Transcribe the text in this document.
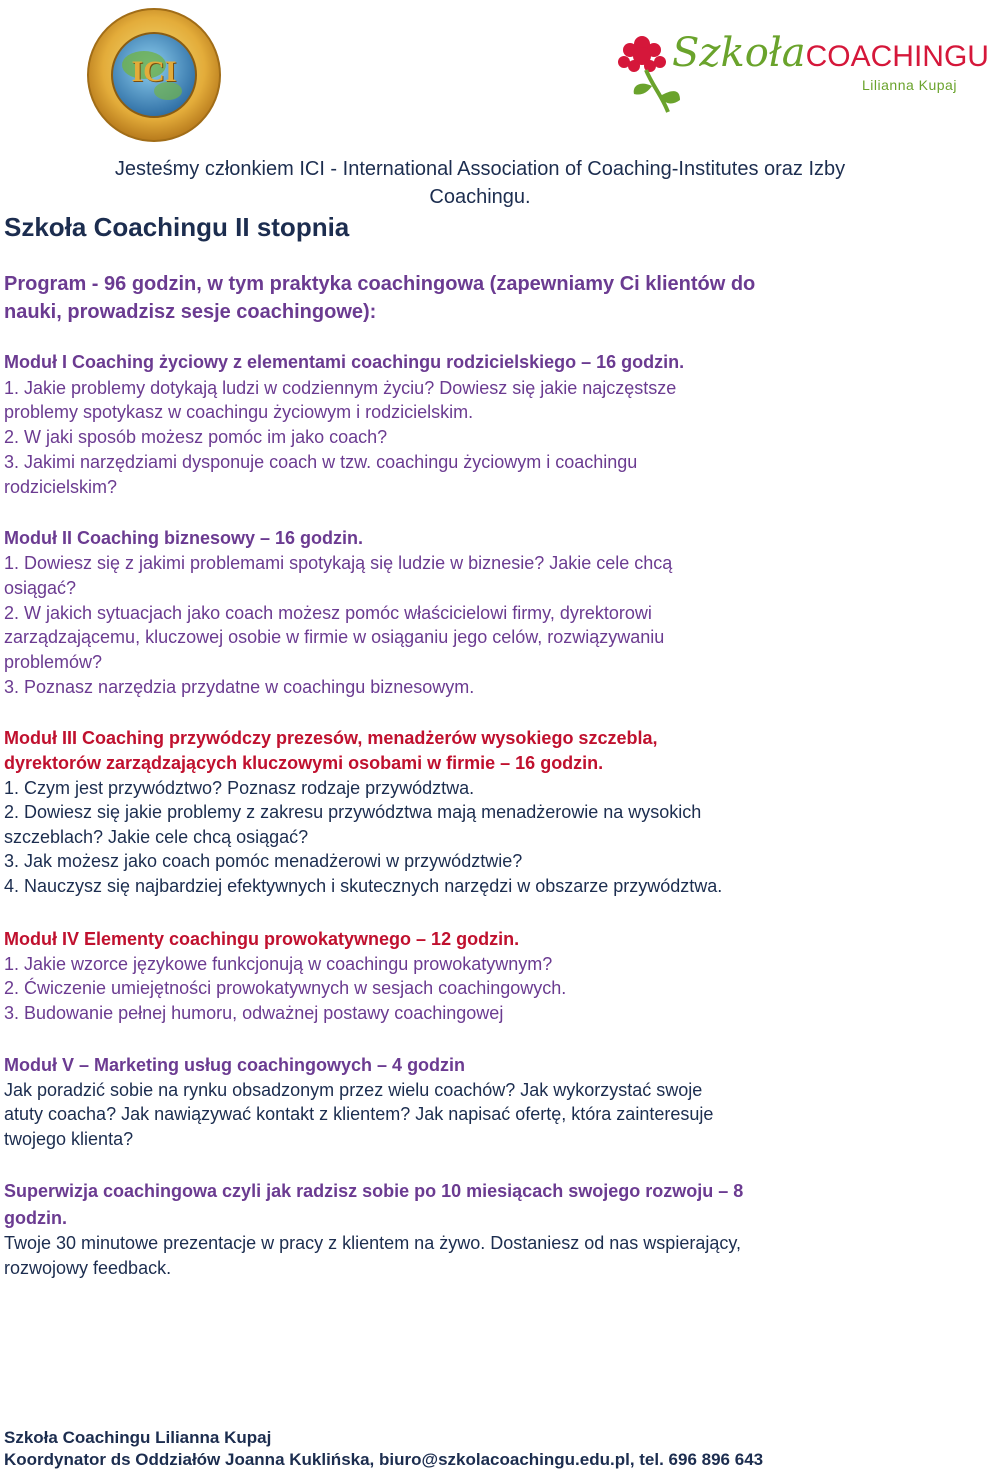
ICI	SzkołaCOACHINGU
Lilianna Kupaj
Jesteśmy członkiem ICI - International Association of Coaching-Institutes oraz Izby
Coachingu.
Szkoła Coachingu II stopnia
Program - 96 godzin, w tym praktyka coachingowa (zapewniamy Ci klientów do
nauki, prowadzisz sesje coachingowe):
Moduł I Coaching życiowy z elementami coachingu rodzicielskiego – 16 godzin.
1. Jakie problemy dotykają ludzi w codziennym życiu? Dowiesz się jakie najczęstsze
problemy spotykasz w coachingu życiowym i rodzicielskim.
2. W jaki sposób możesz pomóc im jako coach?
3. Jakimi narzędziami dysponuje coach w tzw. coachingu życiowym i coachingu
rodzicielskim?
Moduł II Coaching biznesowy – 16 godzin.
1. Dowiesz się z jakimi problemami spotykają się ludzie w biznesie? Jakie cele chcą
osiągać?
2. W jakich sytuacjach jako coach możesz pomóc właścicielowi firmy, dyrektorowi
zarządzającemu, kluczowej osobie w firmie w osiąganiu jego celów, rozwiązywaniu
problemów?
3. Poznasz narzędzia przydatne w coachingu biznesowym.
Moduł III Coaching przywódczy prezesów, menadżerów wysokiego szczebla,
dyrektorów zarządzających kluczowymi osobami w firmie – 16 godzin.
1. Czym jest przywództwo? Poznasz rodzaje przywództwa.
2. Dowiesz się jakie problemy z zakresu przywództwa mają menadżerowie na wysokich
szczeblach? Jakie cele chcą osiągać?
3. Jak możesz jako coach pomóc menadżerowi w przywództwie?
4. Nauczysz się najbardziej efektywnych i skutecznych narzędzi w obszarze przywództwa.
Moduł IV Elementy coachingu prowokatywnego – 12 godzin.
1. Jakie wzorce językowe funkcjonują w coachingu prowokatywnym?
2. Ćwiczenie umiejętności prowokatywnych w sesjach coachingowych.
3. Budowanie pełnej humoru, odważnej postawy coachingowej
Moduł V – Marketing usług coachingowych – 4 godzin
Jak poradzić sobie na rynku obsadzonym przez wielu coachów? Jak wykorzystać swoje
atuty coacha? Jak nawiązywać kontakt z klientem? Jak napisać ofertę, która zainteresuje
twojego klienta?
Superwizja coachingowa czyli jak radzisz sobie po 10 miesiącach swojego rozwoju – 8
godzin.
Twoje 30 minutowe prezentacje w pracy z klientem na żywo. Dostaniesz od nas wspierający,
rozwojowy feedback.
Szkoła Coachingu Lilianna Kupaj
Koordynator ds Oddziałów Joanna Kuklińska, biuro@szkolacoachingu.edu.pl, tel. 696 896 643
